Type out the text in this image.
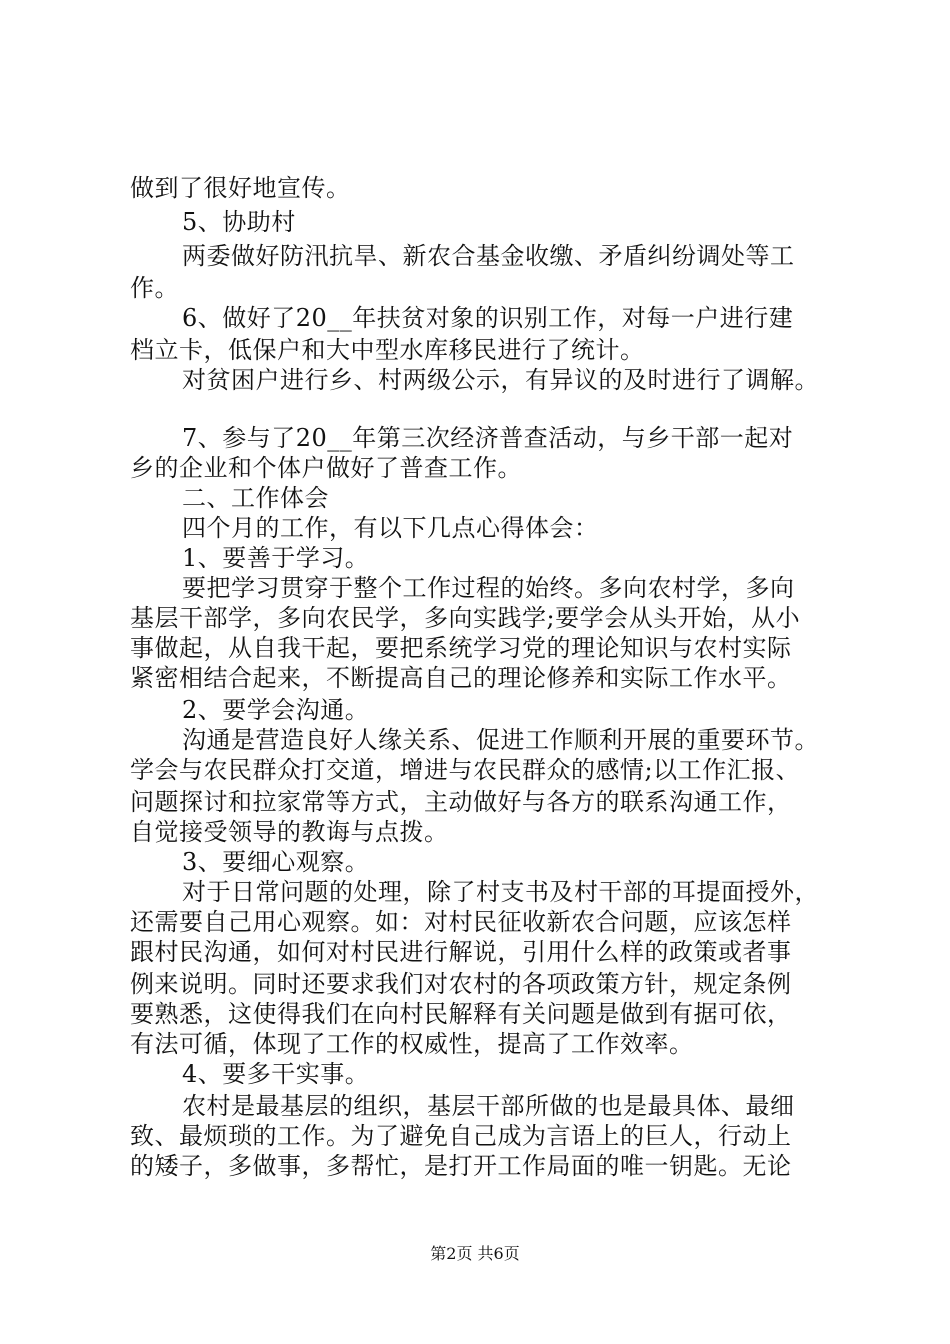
做到了很好地宣传。
5、协助村
两委做好防汛抗旱、新农合基金收缴、矛盾纠纷调处等工
作。
6、做好了20__年扶贫对象的识别工作，对每一户进行建
档立卡，低保户和大中型水库移民进行了统计。
对贫困户进行乡、村两级公示，有异议的及时进行了调解。
7、参与了20__年第三次经济普查活动，与乡干部一起对
乡的企业和个体户做好了普查工作。
二、工作体会
四个月的工作，有以下几点心得体会：
1、要善于学习。
要把学习贯穿于整个工作过程的始终。多向农村学，多向
基层干部学，多向农民学，多向实践学;要学会从头开始，从小
事做起，从自我干起，要把系统学习党的理论知识与农村实际
紧密相结合起来，不断提高自己的理论修养和实际工作水平。
2、要学会沟通。
沟通是营造良好人缘关系、促进工作顺利开展的重要环节。
学会与农民群众打交道，增进与农民群众的感情;以工作汇报、
问题探讨和拉家常等方式，主动做好与各方的联系沟通工作，
自觉接受领导的教诲与点拨。
3、要细心观察。
对于日常问题的处理，除了村支书及村干部的耳提面授外，
还需要自己用心观察。如：对村民征收新农合问题，应该怎样
跟村民沟通，如何对村民进行解说，引用什么样的政策或者事
例来说明。同时还要求我们对农村的各项政策方针，规定条例
要熟悉，这使得我们在向村民解释有关问题是做到有据可依，
有法可循，体现了工作的权威性，提高了工作效率。
4、要多干实事。
农村是最基层的组织，基层干部所做的也是最具体、最细
致、最烦琐的工作。为了避免自己成为言语上的巨人，行动上
的矮子，多做事，多帮忙，是打开工作局面的唯一钥匙。无论
第2页 共6页
